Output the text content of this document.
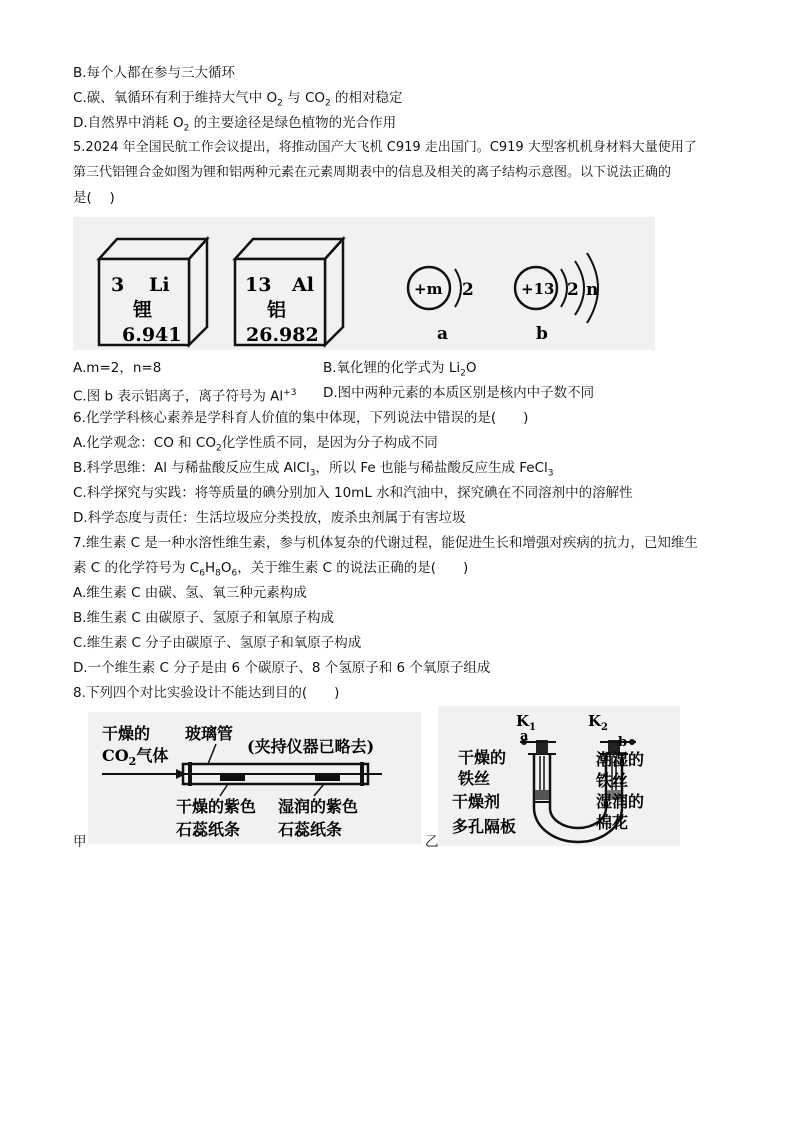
B.每个人都在参与三大循环
C.碳、氧循环有利于维持大气中 $O_2$ 与 $CO_2$ 的相对稳定
D.自然界中消耗 $O_2$ 的主要途径是绿色植物的光合作用
5.2024 年全国民航工作会议提出，将推动国产大飞机 C919 走出国门。C919 大型客机机身材料大量使用了
第三代铝锂合金如图为锂和铝两种元素在元素周期表中的信息及相关的离子结构示意图。以下说法正确的
是(　 )
3 Li
锂
6.941
13 Al
铝
26.982
+m 2
a
+13 2 n
b
A.m=2，n=8	B.氧化锂的化学式为 $Li_2O$
C.图 b 表示铝离子，离子符号为 $Al^{+3}$ D.图中两种元素的本质区别是核内中子数不同
6.化学学科核心素养是学科育人价值的集中体现，下列说法中错误的是(　　)
A.化学观念：CO 和 $CO_2$化学性质不同，是因为分子构成不同
B.科学思维：Al 与稀盐酸反应生成 AlCl$_3$，所以 Fe 也能与稀盐酸反应生成 FeCl$_3$
C.科学探究与实践：将等质量的碘分别加入 10mL 水和汽油中，探究碘在不同溶剂中的溶解性
D.科学态度与责任：生活垃圾应分类投放，废杀虫剂属于有害垃圾
7.维生素 C 是一种水溶性维生素，参与机体复杂的代谢过程，能促进生长和增强对疾病的抗力，已知维生
素 C 的化学符号为 $C_6H_8O_6$，关于维生素 C 的说法正确的是(　　)
A.维生素 C 由碳、氢、氧三种元素构成
B.维生素 C 由碳原子、氢原子和氧原子构成
C.维生素 C 分子由碳原子、氢原子和氧原子构成
D.一个维生素 C 分子是由 6 个碳原子、8 个氢原子和 6 个氧原子组成
8.下列四个对比实验设计不能达到目的(　　)
甲
干燥的
$CO_2$气体
玻璃管
(夹持仪器已略去)
干燥的紫色
石蕊纸条
湿润的紫色
石蕊纸条
乙
$K_1$	$K_2$
a	b
干燥的
铁丝
干燥剂
多孔隔板
潮湿的
铁丝
湿润的
棉花
